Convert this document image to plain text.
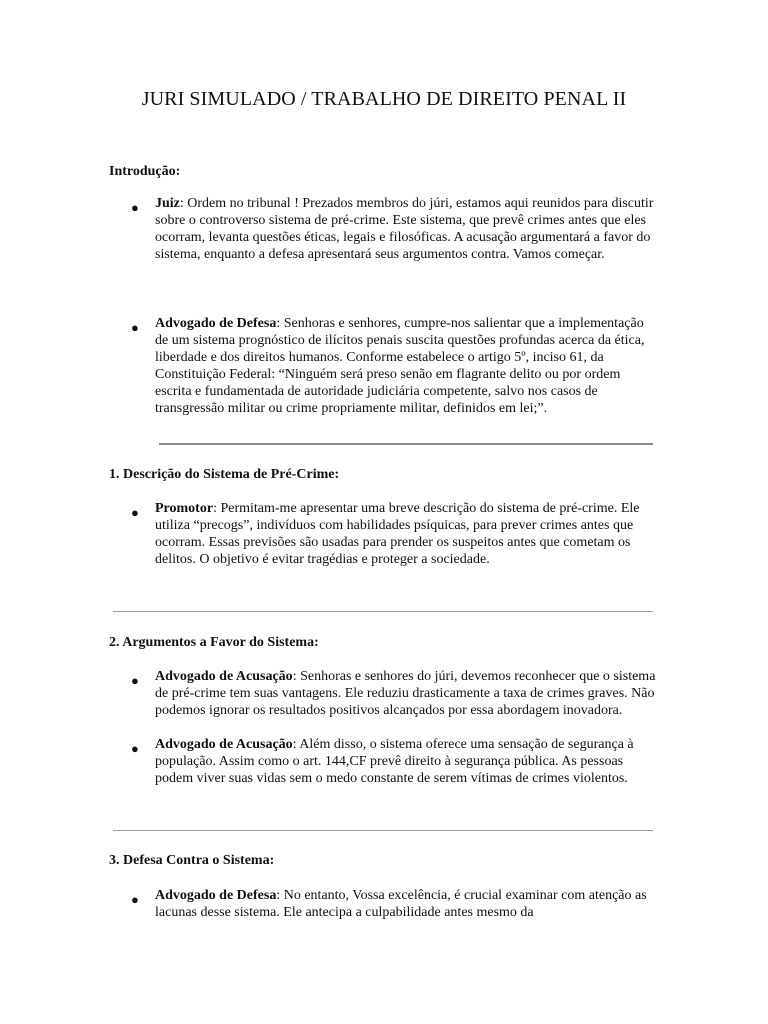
JURI SIMULADO / TRABALHO DE DIREITO PENAL II
Introdução:
● Juiz: Ordem no tribunal ! Prezados membros do júri, estamos aqui reunidos para discutir sobre o controverso sistema de pré-crime. Este sistema, que prevê crimes antes que eles ocorram, levanta questões éticas, legais e filosóficas. A acusação argumentará a favor do sistema, enquanto a defesa apresentará seus argumentos contra. Vamos começar.
● Advogado de Defesa: Senhoras e senhores, cumpre-nos salientar que a implementação de um sistema prognóstico de ilícitos penais suscita questões profundas acerca da ética, liberdade e dos direitos humanos. Conforme estabelece o artigo 5º, inciso 61, da Constituição Federal: “Ninguém será preso senão em flagrante delito ou por ordem escrita e fundamentada de autoridade judiciária competente, salvo nos casos de transgressão militar ou crime propriamente militar, definidos em lei;”.
1. Descrição do Sistema de Pré-Crime:
● Promotor: Permitam-me apresentar uma breve descrição do sistema de pré-crime. Ele utiliza “precogs”, indivíduos com habilidades psíquicas, para prever crimes antes que ocorram. Essas previsões são usadas para prender os suspeitos antes que cometam os delitos. O objetivo é evitar tragédias e proteger a sociedade.
2. Argumentos a Favor do Sistema:
● Advogado de Acusação: Senhoras e senhores do júri, devemos reconhecer que o sistema de pré-crime tem suas vantagens. Ele reduziu drasticamente a taxa de crimes graves. Não podemos ignorar os resultados positivos alcançados por essa abordagem inovadora.
● Advogado de Acusação: Além disso, o sistema oferece uma sensação de segurança à população. Assim como o art. 144,CF prevê direito à segurança pública. As pessoas podem viver suas vidas sem o medo constante de serem vítimas de crimes violentos.
3. Defesa Contra o Sistema:
● Advogado de Defesa: No entanto, Vossa excelência, é crucial examinar com atenção as lacunas desse sistema. Ele antecipa a culpabilidade antes mesmo da
